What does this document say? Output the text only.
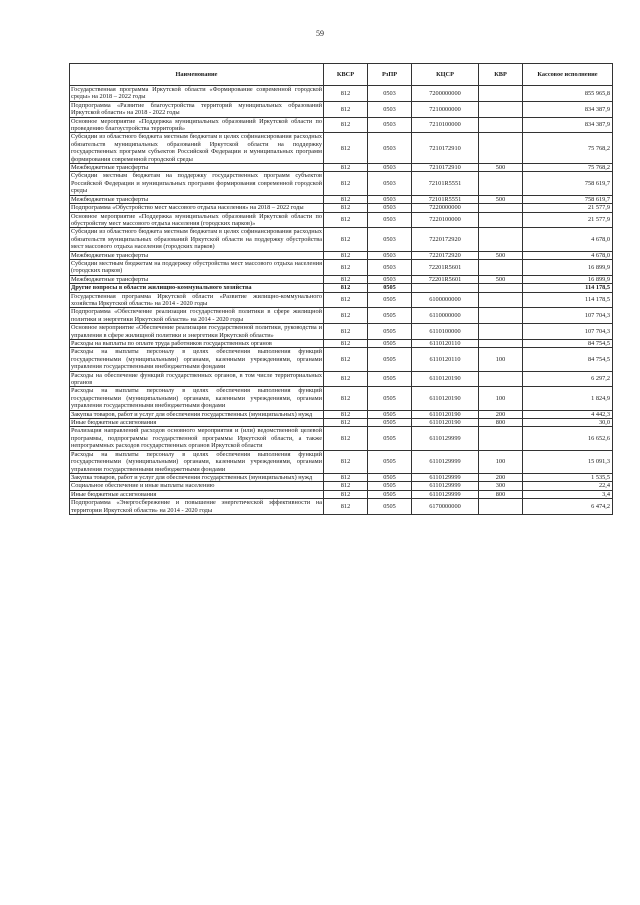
59
Наименование	КВСР	РзПР	КЦСР	КВР	Кассовое исполнение
Государственная программа Иркутской области «Формирование современной городской среды» на 2018 – 2022 годы	812	0503	7200000000		855 965,8
Подпрограмма «Развитие благоустройства территорий муниципальных образований Иркутской области» на 2018 - 2022 годы	812	0503	7210000000		834 387,9
Основное мероприятие «Поддержка муниципальных образований Иркутской области по проведению благоустройства территорий»	812	0503	7210100000		834 387,9
Субсидии из областного бюджета местным бюджетам в целях софинансирования расходных обязательств муниципальных образований Иркутской области на поддержку государственных программ субъектов Российской Федерации и муниципальных программ формирования современной городской среды	812	0503	7210172910		75 768,2
Межбюджетные трансферты	812	0503	7210172910	500	75 768,2
Субсидии местным бюджетам на поддержку государственных программ субъектов Российской Федерации и муниципальных программ формирования современной городской среды	812	0503	72101R5551		758 619,7
Межбюджетные трансферты	812	0503	72101R5551	500	758 619,7
Подпрограмма «Обустройство мест массового отдыха населения» на 2018 – 2022 годы	812	0503	7220000000		21 577,9
Основное мероприятие «Поддержка муниципальных образований Иркутской области по обустройству мест массового отдыха населения (городских парков)»	812	0503	7220100000		21 577,9
Субсидии из областного бюджета местным бюджетам в целях софинансирования расходных обязательств муниципальных образований Иркутской области на поддержку обустройства мест массового отдыха населения (городских парков)	812	0503	7220172920		4 678,0
Межбюджетные трансферты	812	0503	7220172920	500	4 678,0
Субсидии местным бюджетам на поддержку обустройства мест массового отдыха населения (городских парков)	812	0503	72201R5601		16 899,9
Межбюджетные трансферты	812	0503	72201R5601	500	16 899,9
Другие вопросы в области жилищно-коммунального хозяйства	812	0505			114 178,5
Государственная программа Иркутской области «Развитие жилищно-коммунального хозяйства Иркутской области» на 2014 - 2020 годы	812	0505	6100000000		114 178,5
Подпрограмма «Обеспечение реализации государственной политики в сфере жилищной политики и энергетики Иркутской области» на 2014 - 2020 годы	812	0505	6110000000		107 704,3
Основное мероприятие «Обеспечение реализации государственной политики, руководства и управления в сфере жилищной политики и энергетики Иркутской области»	812	0505	6110100000		107 704,3
Расходы на выплаты по оплате труда работников государственных органов	812	0505	6110120110		84 754,5
Расходы на выплаты персоналу в целях обеспечения выполнения функций государственными (муниципальными) органами, казенными учреждениями, органами управления государственными внебюджетными фондами	812	0505	6110120110	100	84 754,5
Расходы на обеспечение функций государственных органов, в том числе территориальных органов	812	0505	6110120190		6 297,2
Расходы на выплаты персоналу в целях обеспечения выполнения функций государственными (муниципальными) органами, казенными учреждениями, органами управления государственными внебюджетными фондами	812	0505	6110120190	100	1 824,9
Закупка товаров, работ и услуг для обеспечения государственных (муниципальных) нужд	812	0505	6110120190	200	4 442,3
Иные бюджетные ассигнования	812	0505	6110120190	800	30,0
Реализация направлений расходов основного мероприятия и (или) ведомственной целевой программы, подпрограммы государственной программы Иркутской области, а также непрограммных расходов государственных органов Иркутской области	812	0505	6110129999		16 652,6
Расходы на выплаты персоналу в целях обеспечения выполнения функций государственными (муниципальными) органами, казенными учреждениями, органами управления государственными внебюджетными фондами	812	0505	6110129999	100	15 091,3
Закупка товаров, работ и услуг для обеспечения государственных (муниципальных) нужд	812	0505	6110129999	200	1 535,5
Социальное обеспечение и иные выплаты населению	812	0505	6110129999	300	22,4
Иные бюджетные ассигнования	812	0505	6110129999	800	3,4
Подпрограмма «Энергосбережение и повышение энергетической эффективности на территории Иркутской области» на 2014 - 2020 годы	812	0505	6170000000		6 474,2
